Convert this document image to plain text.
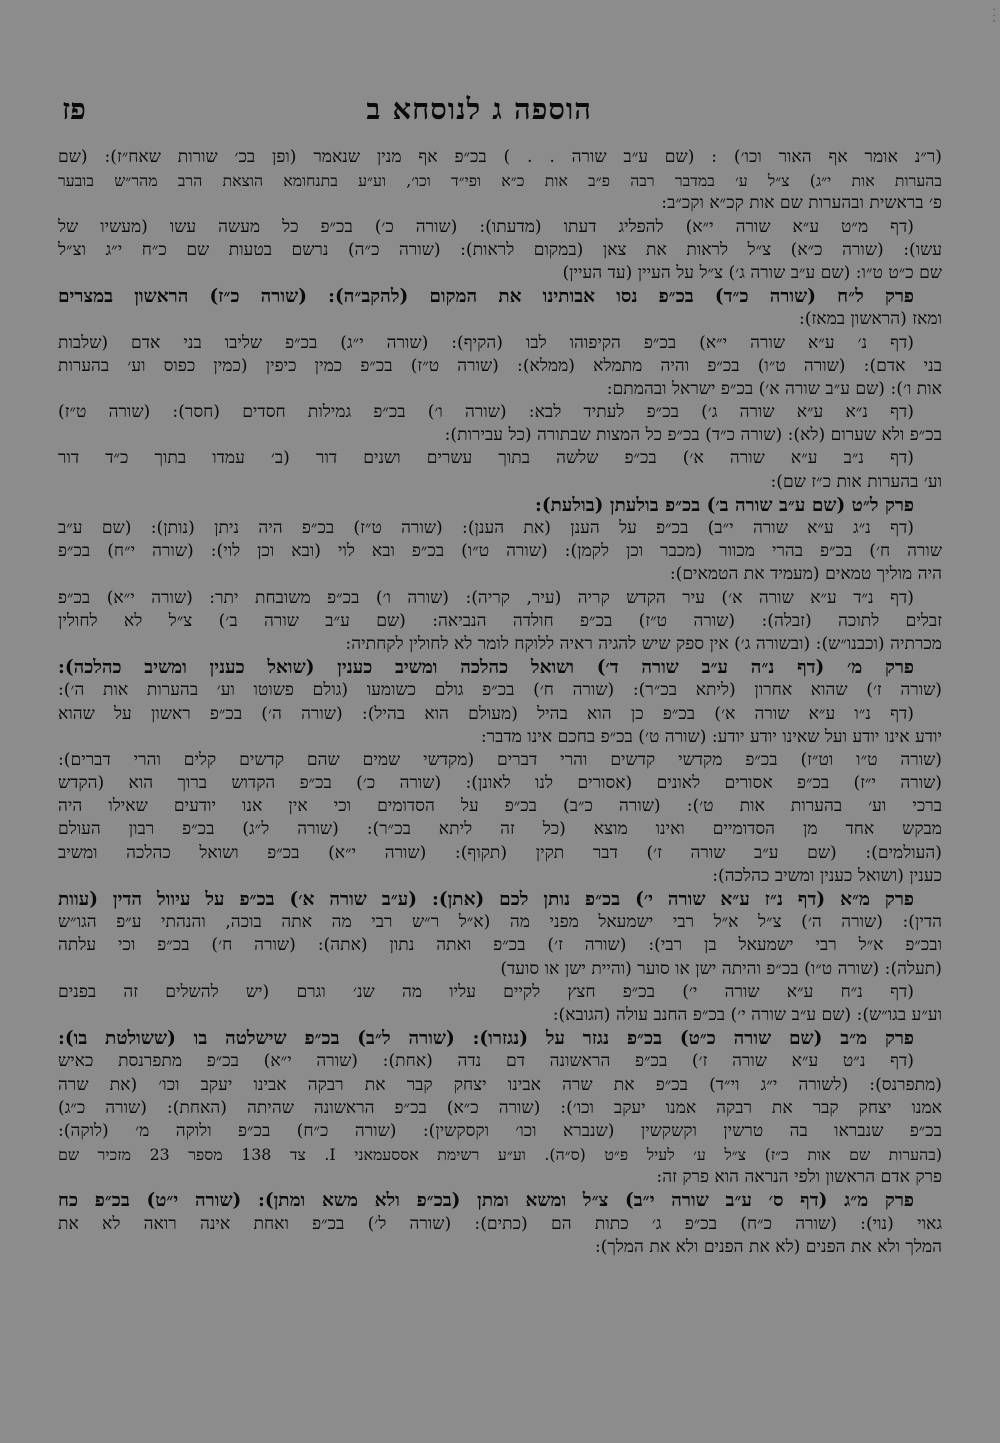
· · ·
הוספה ג לנוסחא ב
פז
(ר״נ אומר אף האור וכו׳) : (שם ע״ב שורה . . ) בכ״פ אף מנין שנאמר (ופן בכ׳ שורות שאח״ז): (שם
בהערות אות י״ג) צ״ל ע׳ במדבר רבה פ״ב אות כ״א ופי״ד וכו׳, וע״ע בתנחומא הוצאת הרב מהר״ש בובער
פ׳ בראשית ובהערות שם אות קכ״א וקכ״ב:
(דף מ״ט ע״א שורה י״א) להפליג דעתו (מדעתו): (שורה כ׳) בכ״פ כל מעשה עשו (מעשיו של
עשו): (שורה כ״א) צ״ל לראות את צאן (במקום לראות): (שורה כ״ה) נרשם בטעות שם כ״ח י״ג וצ״ל
שם כ״ט ט״ו: (שם ע״ב שורה ג׳) צ״ל על העיין (עד העיין)
פרק ל״ח (שורה כ״ד) בכ״פ נסו אבותינו את המקום (להקב״ה): (שורה כ״ז) הראשון במצרים
ומאז (הראשון במאז):
(דף נ׳ ע״א שורה י״א) בכ״פ הקיפוהו לבו (הקיף): (שורה י״ג) בכ״פ שליבו בני אדם (שלבות
בני אדם): (שורה ט״ו) בכ״פ והיה מתמלא (ממלא): (שורה ט״ז) בכ״פ כמין כיפין (כמין כפוס וע׳ בהערות
אות ו׳): (שם ע״ב שורה א׳) בכ״פ ישראל ובהמתם:
(דף נ״א ע״א שורה ג׳) בכ״פ לעתיד לבא: (שורה ו׳) בכ״פ גמילות חסדים (חסר): (שורה ט״ז)
בכ״פ ולא שערום (לא): (שורה כ״ד) בכ״פ כל המצות שבתורה (כל עבירות):
(דף נ״ב ע״א שורה א׳) בכ״פ שלשה בתוך עשרים ושנים דור (ב׳ עמדו בתוך כ״ד דור
וע׳ בהערות אות כ״ז שם):
פרק ל״ט (שם ע״ב שורה ב׳) בכ״פ בולעתן (בולעת):
(דף נ״ג ע״א שורה י״ב) בכ״פ על הענן (את הענן): (שורה ט״ז) בכ״פ היה ניתן (נותן): (שם ע״ב
שורה ח׳) בכ״פ בהרי מכוור (מכבר וכן לקמן): (שורה ט״ו) בכ״פ ובא לוי (ובא וכן לוי): (שורה י״ח) בכ״פ
היה מוליך טמאים (מעמיד את הטמאים):
(דף נ״ד ע״א שורה א׳) עיר הקדש קריה (עיר, קריה): (שורה ו׳) בכ״פ משובחת יתר: (שורה י״א) בכ״פ
זבלים לתוכה (זבלה): (שורה ט״ז) בכ״פ חולדה הנביאה: (שם ע״ב שורה ב׳) צ״ל לא לחולין
מכרתיה (וכבנו״ש): (ובשורה ג׳) אין ספק שיש להגיה ראיה ללוקח לומר לא לחולין לקחתיה:
פרק מ׳ (דף נ״ה ע״ב שורה ד׳) ושואל כהלכה ומשיב כענין (שואל כענין ומשיב כהלכה):
(שורה ז׳) שהוא אחרון (ליתא בכ״ר): (שורה ח׳) בכ״פ גולם כשומעו (גולם פשוטו וע׳ בהערות אות ה׳):
(דף נ״ו ע״א שורה א׳) בכ״פ כן הוא בהיל (מעולם הוא בהיל): (שורה ה׳) בכ״פ ראשון על שהוא
יודע אינו יודע ועל שאינו יודע יודע: (שורה ט׳) בכ״פ בחכם אינו מדבר:
(שורה ט״ו וט״ז) בכ״פ מקדשי קדשים והרי דברים (מקדשי שמים שהם קדשים קלים והרי דברים):
(שורה י״ז) בכ״פ אסורים לאונים (אסורים לנו לאונן): (שורה כ׳) בכ״פ הקדוש ברוך הוא (הקדש
ברכי וע׳ בהערות אות ט׳): (שורה כ״ב) בכ״פ על הסדומים וכי אין אנו יודעים שאילו היה
מבקש אחד מן הסדומיים ואינו מוצא (כל זה ליתא בכ״ר): (שורה ל״ג) בכ״פ רבון העולם
(העולמים): (שם ע״ב שורה ז׳) דבר תקין (תקוף): (שורה י״א) בכ״פ ושואל כהלכה ומשיב
כענין (ושואל כענין ומשיב כהלכה):
פרק מ״א (דף נ״ז ע״א שורה י׳) בכ״פ נותן לכם (אתן): (ע״ב שורה א׳) בכ״פ על עיוול הדין (עוות
הדין): (שורה ה׳) צ״ל א״ל רבי ישמעאל מפני מה (א״ל ר״ש רבי מה אתה בוכה, והנהתי ע״פ הגו״ש
ובכ״פ א״ל רבי ישמעאל בן רבי): (שורה ז׳) בכ״פ ואתה נתון (אתה): (שורה ח׳) בכ״פ וכי עלתה
(תעלה): (שורה ט״ו) בכ״פ והיתה ישן או סוער (והיית ישן או סועד)
(דף נ״ח ע״א שורה י׳) בכ״פ חצץ לקיים עליו מה שנ׳ וגרם (יש להשלים זה בפנים
וע״ע בגו״ש): (שם ע״ב שורה י׳) בכ״פ החנב עולה (הגובא):
פרק מ״ב (שם שורה כ״ט) בכ״פ נגזר על (נגזרו): (שורה ל״ב) בכ״פ שישלטה בו (ששולטת בו):
(דף נ״ט ע״א שורה ז׳) בכ״פ הראשונה דם נדה (אחת): (שורה י״א) בכ״פ מתפרנסת כאיש
(מתפרנס): (לשורה י״ג וי״ד) בכ״פ את שרה אבינו יצחק קבר את רבקה אבינו יעקב וכו׳ (את שרה
אמנו יצחק קבר את רבקה אמנו יעקב וכו׳): (שורה כ״א) בכ״פ הראשונה שהיתה (האחת): (שורה כ״ג)
בכ״פ שנבראו בה טרשין וקשקשין (שנברא וכו׳ וקסקשין): (שורה כ״ח) בכ״פ ולוקה מ׳ (לוקה):
(בהערות שם אות כ״ז) צ״ל ע׳ לעיל פ״ט (ס״ה). וע״ע רשימת אססעמאני I. צד 138 מספר 23 מזכיר שם
פרק אדם הראשון ולפי הנראה הוא פרק זה:
פרק מ״ג (דף ס׳ ע״ב שורה י״ב) צ״ל ומשא ומתן (בכ״פ ולא משא ומתן): (שורה י״ט) בכ״פ כח
גאוי (נוי): (שורה כ״ח) בכ״פ ג׳ כתות הם (כתים): (שורה ל׳) בכ״פ ואחת אינה רואה לא את
המלך ולא את הפנים (לא את הפנים ולא את המלך):
